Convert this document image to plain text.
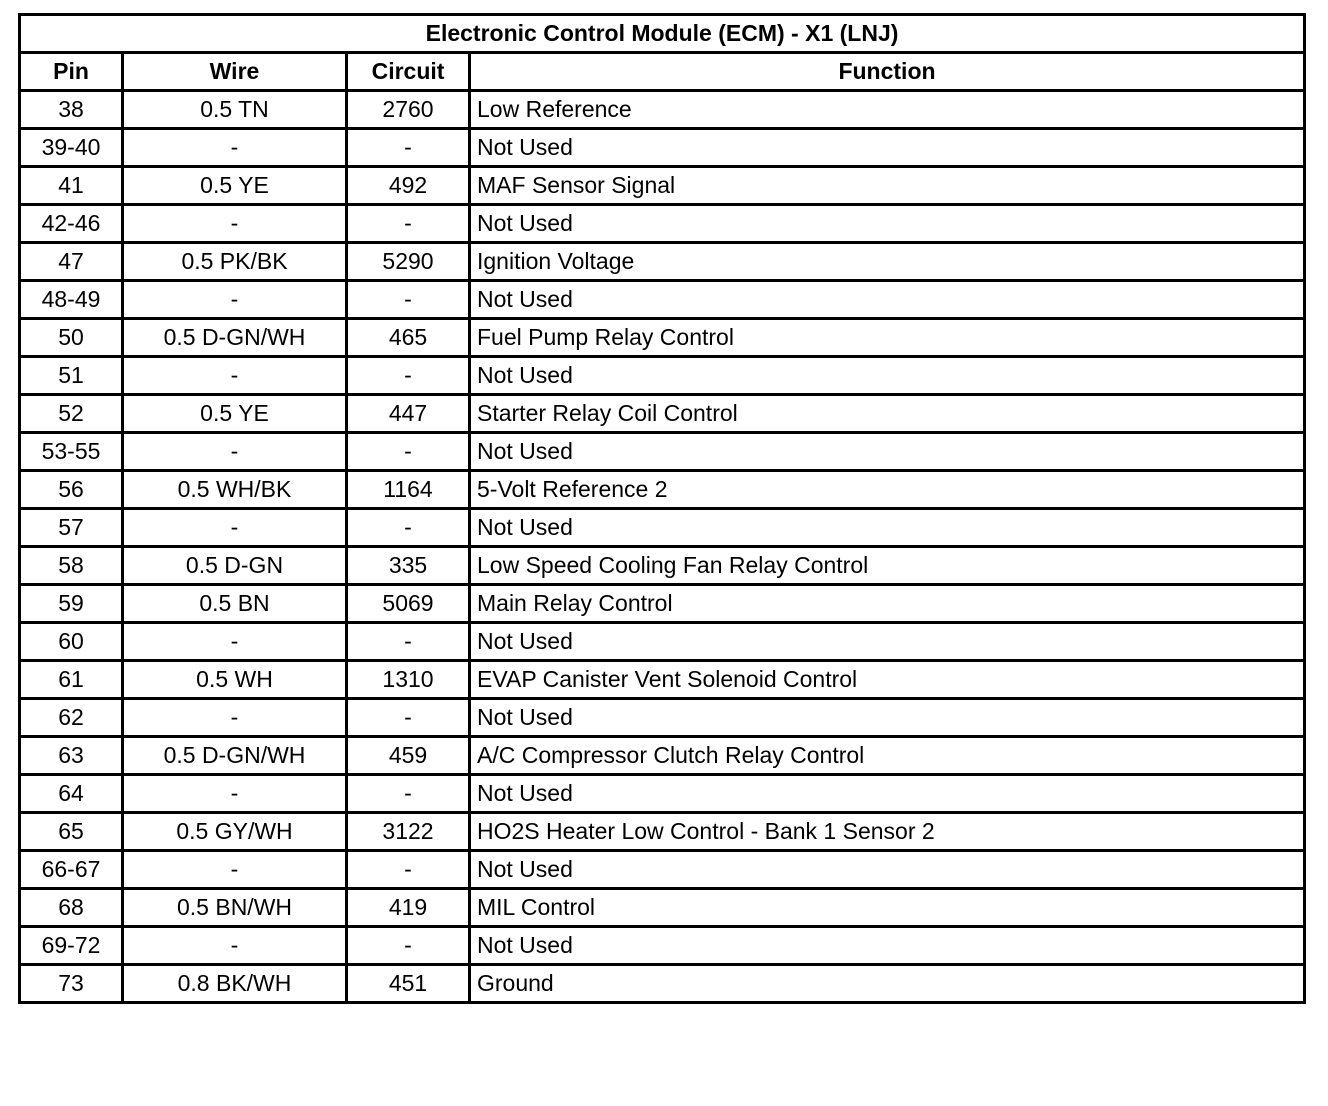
Electronic Control Module (ECM) - X1 (LNJ)			
Pin	Wire	Circuit	Function
38	0.5 TN	2760	Low Reference
39-40	-	-	Not Used
41	0.5 YE	492	MAF Sensor Signal
42-46	-	-	Not Used
47	0.5 PK/BK	5290	Ignition Voltage
48-49	-	-	Not Used
50	0.5 D-GN/WH	465	Fuel Pump Relay Control
51	-	-	Not Used
52	0.5 YE	447	Starter Relay Coil Control
53-55	-	-	Not Used
56	0.5 WH/BK	1164	5-Volt Reference 2
57	-	-	Not Used
58	0.5 D-GN	335	Low Speed Cooling Fan Relay Control
59	0.5 BN	5069	Main Relay Control
60	-	-	Not Used
61	0.5 WH	1310	EVAP Canister Vent Solenoid Control
62	-	-	Not Used
63	0.5 D-GN/WH	459	A/C Compressor Clutch Relay Control
64	-	-	Not Used
65	0.5 GY/WH	3122	HO2S Heater Low Control - Bank 1 Sensor 2
66-67	-	-	Not Used
68	0.5 BN/WH	419	MIL Control
69-72	-	-	Not Used
73	0.8 BK/WH	451	Ground
